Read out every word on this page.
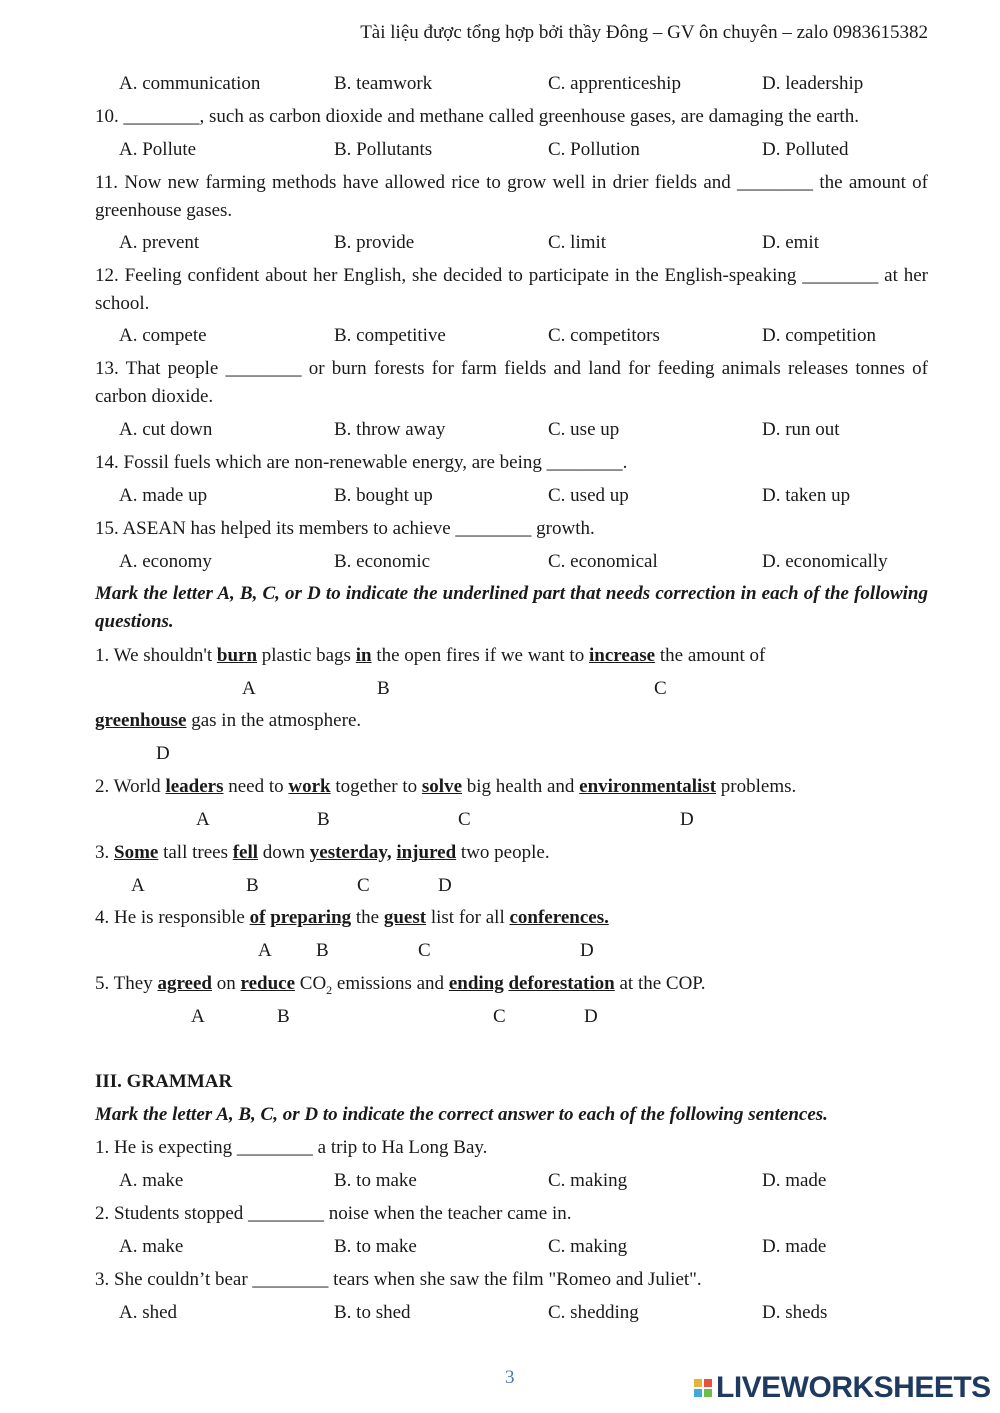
Tài liệu được tổng hợp bởi thầy Đông – GV ôn chuyên – zalo 0983615382
A. communication	B. teamwork	C. apprenticeship	D. leadership
10. ________, such as carbon dioxide and methane called greenhouse gases, are damaging the earth.
A. Pollute	B. Pollutants	C. Pollution	D. Polluted
11. Now new farming methods have allowed rice to grow well in drier fields and ________ the amount of greenhouse gases.
A. prevent	B. provide	C. limit	D. emit
12. Feeling confident about her English, she decided to participate in the English-speaking ________ at her school.
A. compete	B. competitive	C. competitors	D. competition
13. That people ________ or burn forests for farm fields and land for feeding animals releases tonnes of carbon dioxide.
A. cut down	B. throw away	C. use up	D. run out
14. Fossil fuels which are non-renewable energy, are being ________.
A. made up	B. bought up	C. used up	D. taken up
15. ASEAN has helped its members to achieve ________ growth.
A. economy	B. economic	C. economical	D. economically
Mark the letter A, B, C, or D to indicate the underlined part that needs correction in each of the following questions.
1. We shouldn't burn plastic bags in the open fires if we want to increase the amount of
A	B	C
greenhouse gas in the atmosphere.
D
2. World leaders need to work together to solve big health and environmentalist problems.
A	B	C	D
3. Some tall trees fell down yesterday, injured two people.
A	B	C	D
4. He is responsible of preparing the guest list for all conferences.
A B	C	D
5. They agreed on reduce $CO_2$ emissions and ending deforestation at the COP.
A	B	C	D
III. GRAMMAR
Mark the letter A, B, C, or D to indicate the correct answer to each of the following sentences.
1. He is expecting ________ a trip to Ha Long Bay.
A. make	B. to make	C. making	D. made
2. Students stopped ________ noise when the teacher came in.
A. make	B. to make	C. making	D. made
3. She couldn’t bear ________ tears when she saw the film "Romeo and Juliet".
A. shed	B. to shed	C. shedding	D. sheds
3	LIVEWORKSHEETS
